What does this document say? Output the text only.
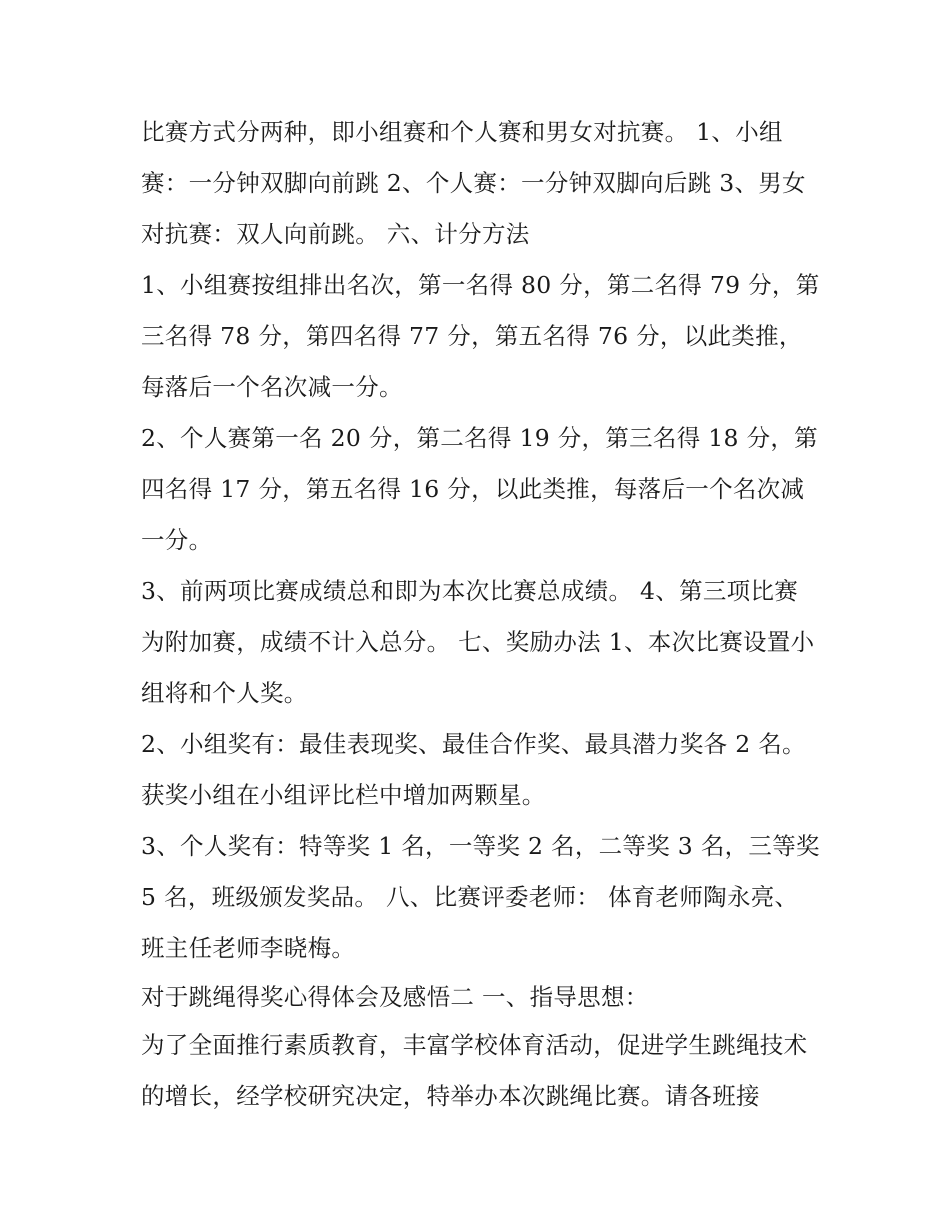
比赛方式分两种，即小组赛和个人赛和男女对抗赛。 1、小组赛：一分钟双脚向前跳 2、个人赛：一分钟双脚向后跳 3、男女对抗赛：双人向前跳。 六、计分方法

1、小组赛按组排出名次，第一名得 80 分，第二名得 79 分，第三名得 78 分，第四名得 77 分，第五名得 76 分，以此类推，每落后一个名次减一分。

2、个人赛第一名 20 分，第二名得 19 分，第三名得 18 分，第四名得 17 分，第五名得 16 分，以此类推，每落后一个名次减一分。

3、前两项比赛成绩总和即为本次比赛总成绩。 4、第三项比赛为附加赛，成绩不计入总分。 七、奖励办法 1、本次比赛设置小组将和个人奖。

2、小组奖有：最佳表现奖、最佳合作奖、最具潜力奖各 2 名。获奖小组在小组评比栏中增加两颗星。

3、个人奖有：特等奖 1 名，一等奖 2 名，二等奖 3 名，三等奖 5 名，班级颁发奖品。 八、比赛评委老师： 体育老师陶永亮、班主任老师李晓梅。

对于跳绳得奖心得体会及感悟二 一、指导思想：

为了全面推行素质教育，丰富学校体育活动，促进学生跳绳技术的增长，经学校研究决定，特举办本次跳绳比赛。请各班接
